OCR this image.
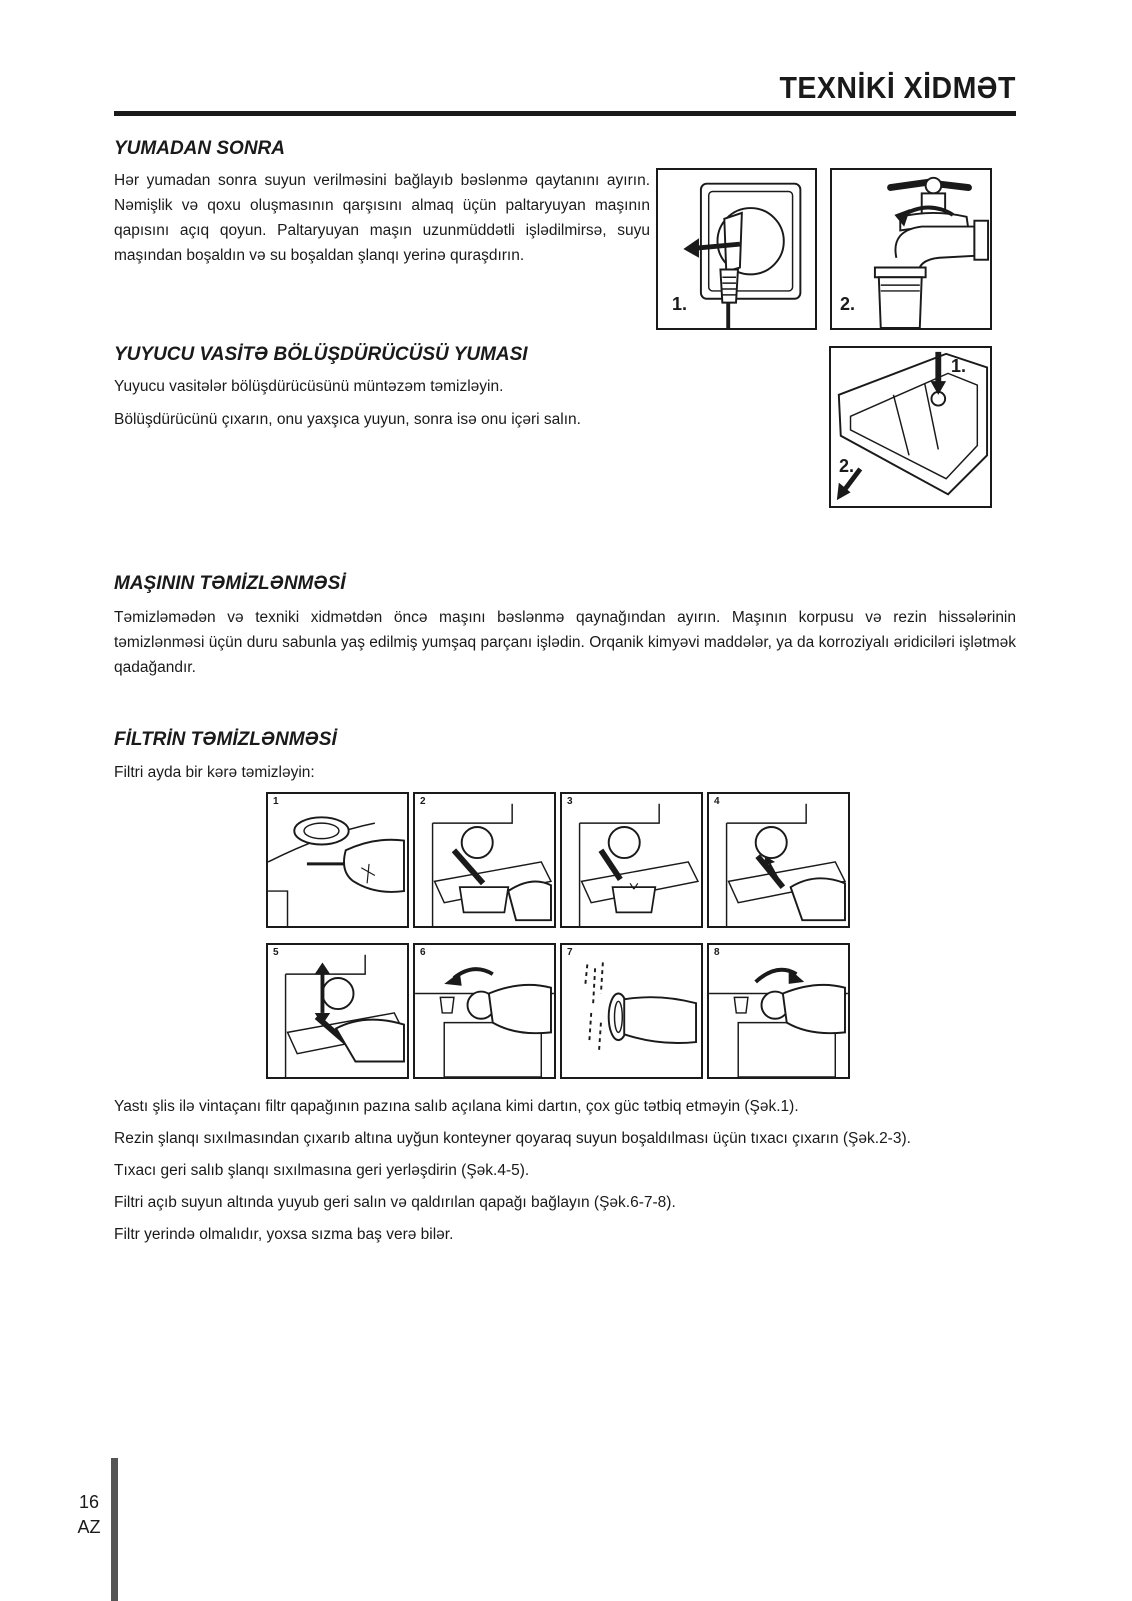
TEXNİKİ XİDMƏT
YUMADAN SONRA

Hər yumadan sonra suyun verilməsini bağlayıb bəslənmə qaytanını ayırın. Nəmişlik və qoxu oluşmasının qarşısını almaq üçün paltaryuyan maşının qapısını açıq qoyun. Paltaryuyan maşın uzunmüddətli işlədilmirsə, suyu maşından boşaldın və su boşaldan şlanqı yerinə quraşdırın.

1.	2.
YUYUCU VASİTƏ BÖLÜŞDÜRÜCÜSÜ YUMASI

Yuyucu vasitələr bölüşdürücüsünü müntəzəm təmizləyin.

Bölüşdürücünü çıxarın, onu yaxşıca yuyun, sonra isə onu içəri salın.

1.
2.
MAŞININ TƏMİZLƏNMƏSİ

Təmizləmədən və texniki xidmətdən öncə maşını bəslənmə qaynağından ayırın. Maşının korpusu və rezin hissələrinin təmizlənməsi üçün duru sabunla yaş edilmiş yumşaq parçanı işlədin. Orqanik kimyəvi maddələr, ya da korroziyalı əridiciləri işlətmək qadağandır.

FİLTRİN TƏMİZLƏNMƏSİ

Filtri ayda bir kərə təmizləyin:

1	2	3	4
5	6	7	8

Yastı şlis ilə vintaçanı filtr qapağının pazına salıb açılana kimi dartın, çox güc tətbiq etməyin (Şək.1).

Rezin şlanqı sıxılmasından çıxarıb altına uyğun konteyner qoyaraq suyun boşaldılması üçün tıxacı çıxarın (Şək.2-3).

Tıxacı geri salıb şlanqı sıxılmasına geri yerləşdirin (Şək.4-5).

Filtri açıb suyun altında yuyub geri salın və qaldırılan qapağı bağlayın (Şək.6-7-8).

Filtr yerində olmalıdır, yoxsa sızma baş verə bilər.

16
AZ
